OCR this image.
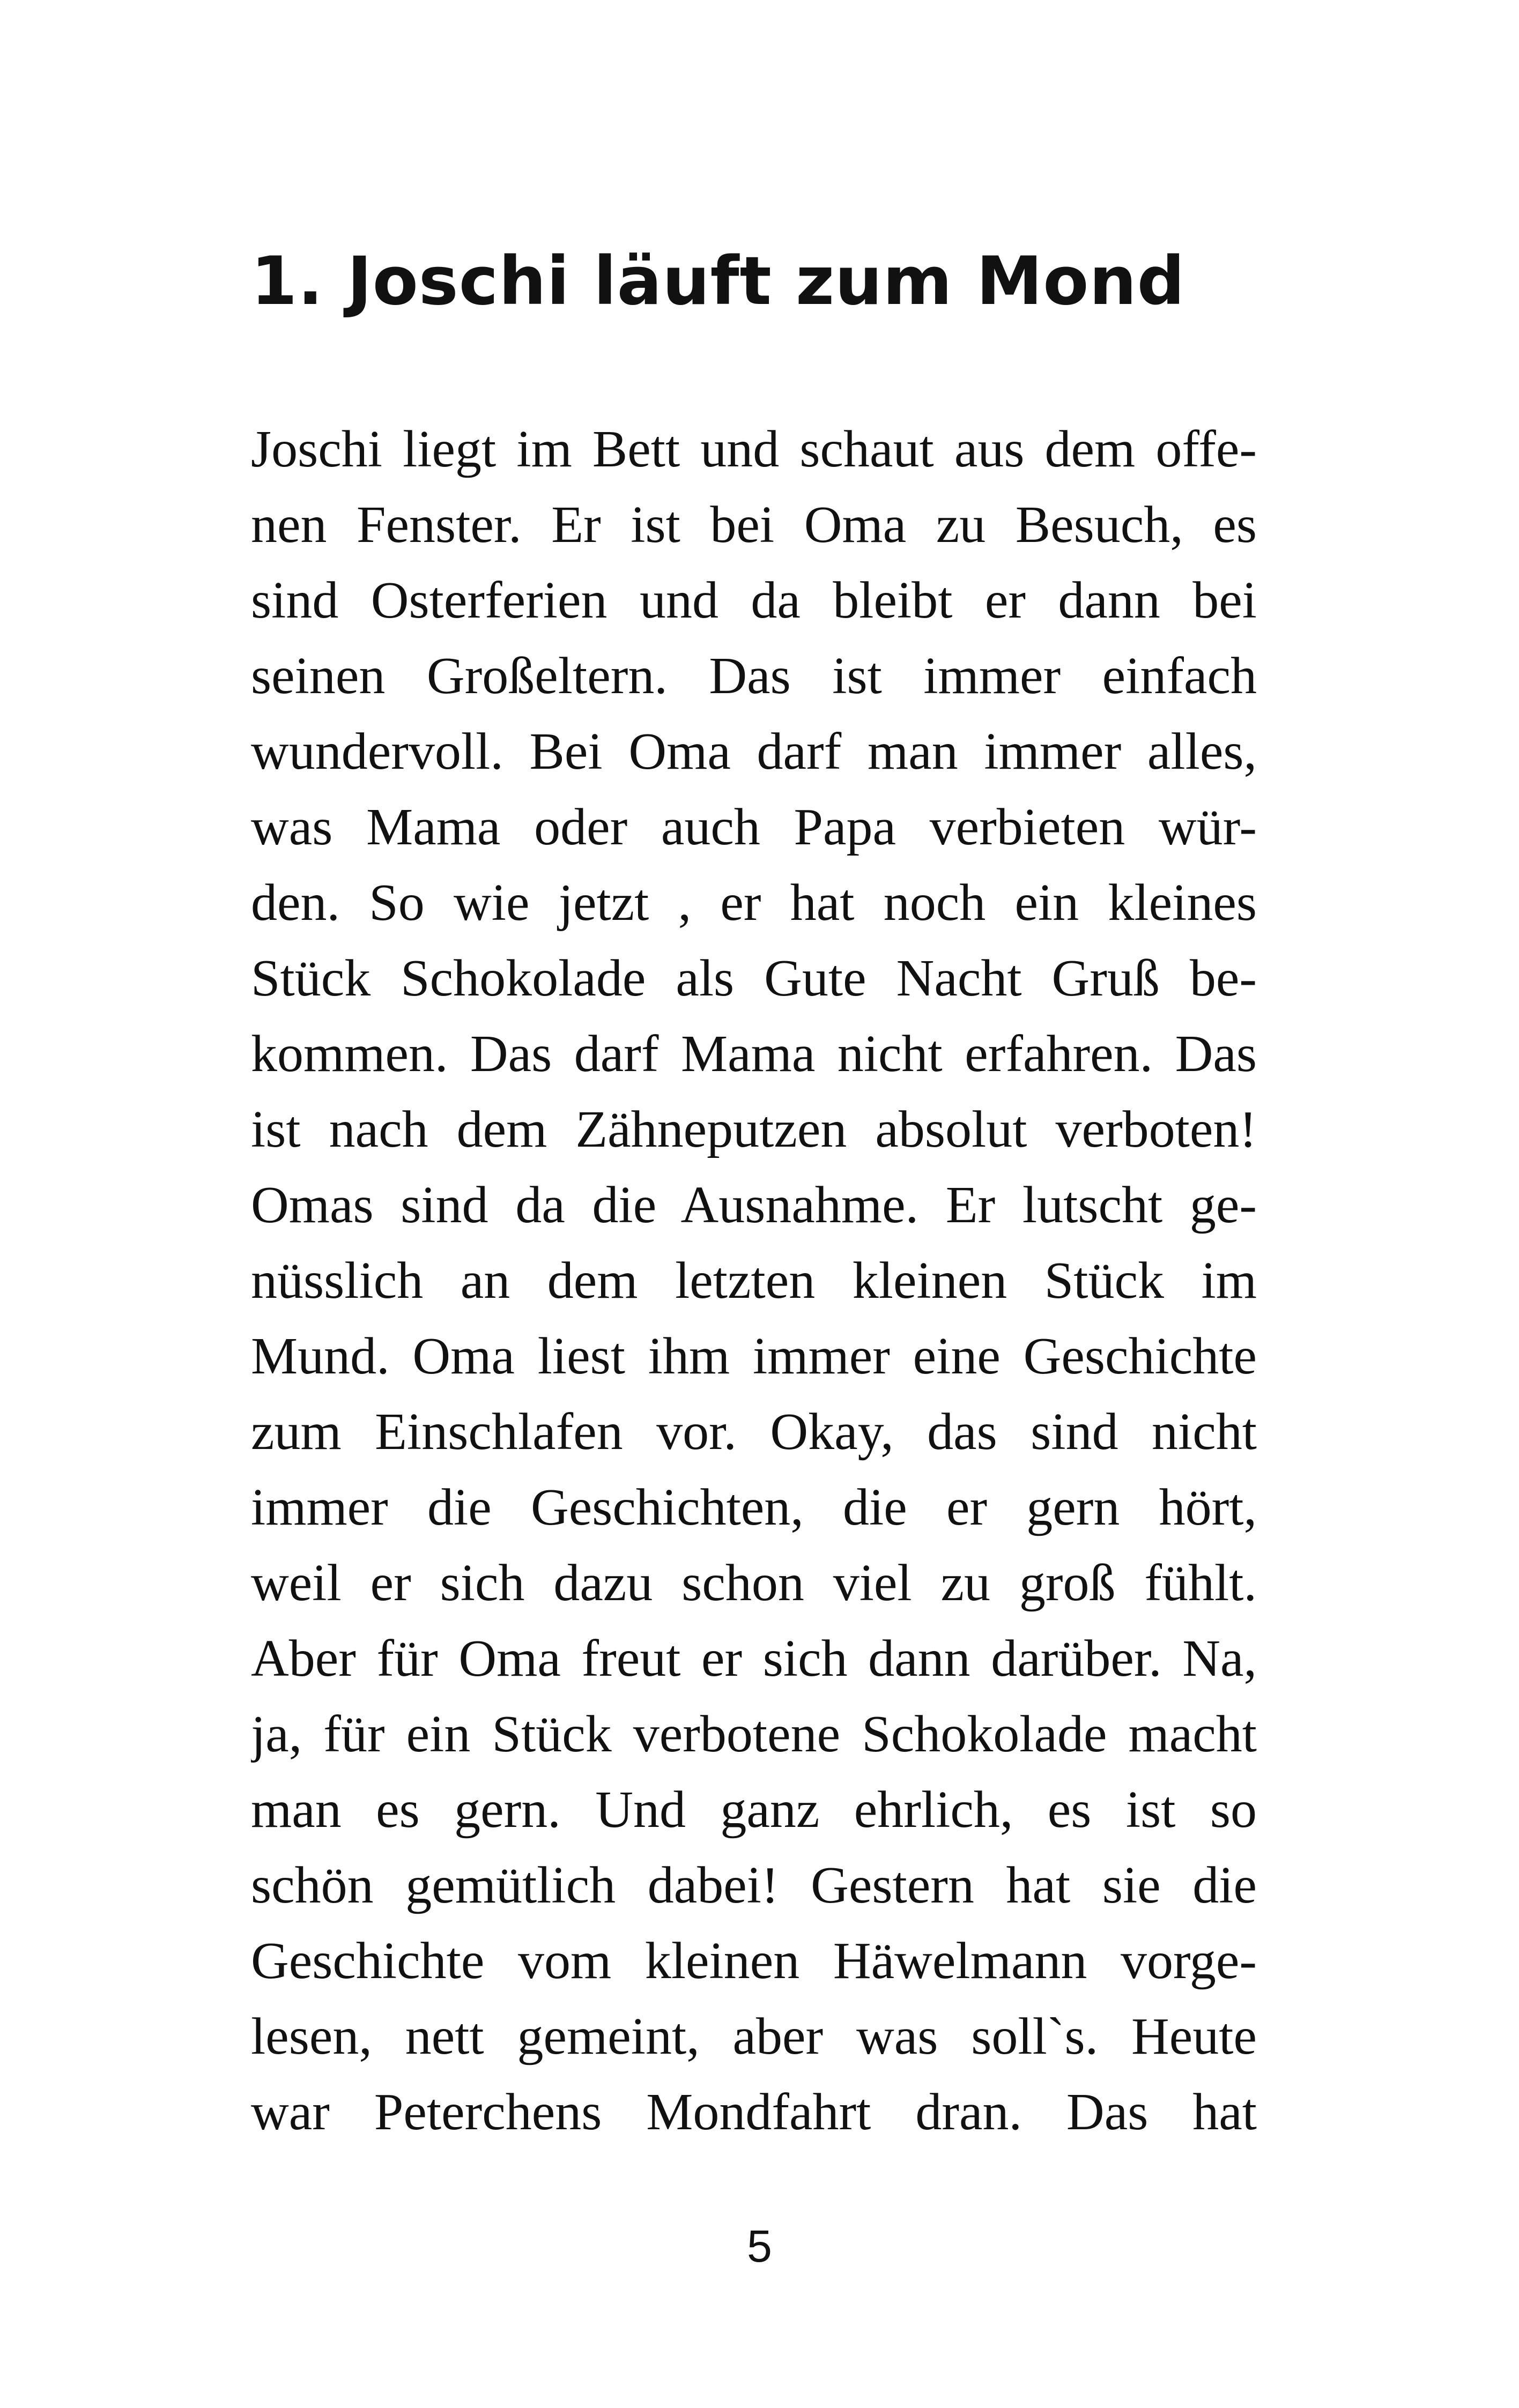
1. Joschi läuft zum Mond
Joschi liegt im Bett und schaut aus dem offe-
nen Fenster. Er ist bei Oma zu Besuch, es
sind Osterferien und da bleibt er dann bei
seinen Großeltern. Das ist immer einfach
wundervoll. Bei Oma darf man immer alles,
was Mama oder auch Papa verbieten wür-
den. So wie jetzt , er hat noch ein kleines
Stück Schokolade als Gute Nacht Gruß be-
kommen. Das darf Mama nicht erfahren. Das
ist nach dem Zähneputzen absolut verboten!
Omas sind da die Ausnahme. Er lutscht ge-
nüsslich an dem letzten kleinen Stück im
Mund. Oma liest ihm immer eine Geschichte
zum Einschlafen vor. Okay, das sind nicht
immer die Geschichten, die er gern hört,
weil er sich dazu schon viel zu groß fühlt.
Aber für Oma freut er sich dann darüber. Na,
ja, für ein Stück verbotene Schokolade macht
man es gern. Und ganz ehrlich, es ist so
schön gemütlich dabei! Gestern hat sie die
Geschichte vom kleinen Häwelmann vorge-
lesen, nett gemeint, aber was soll`s. Heute
war Peterchens Mondfahrt dran. Das hat
5
